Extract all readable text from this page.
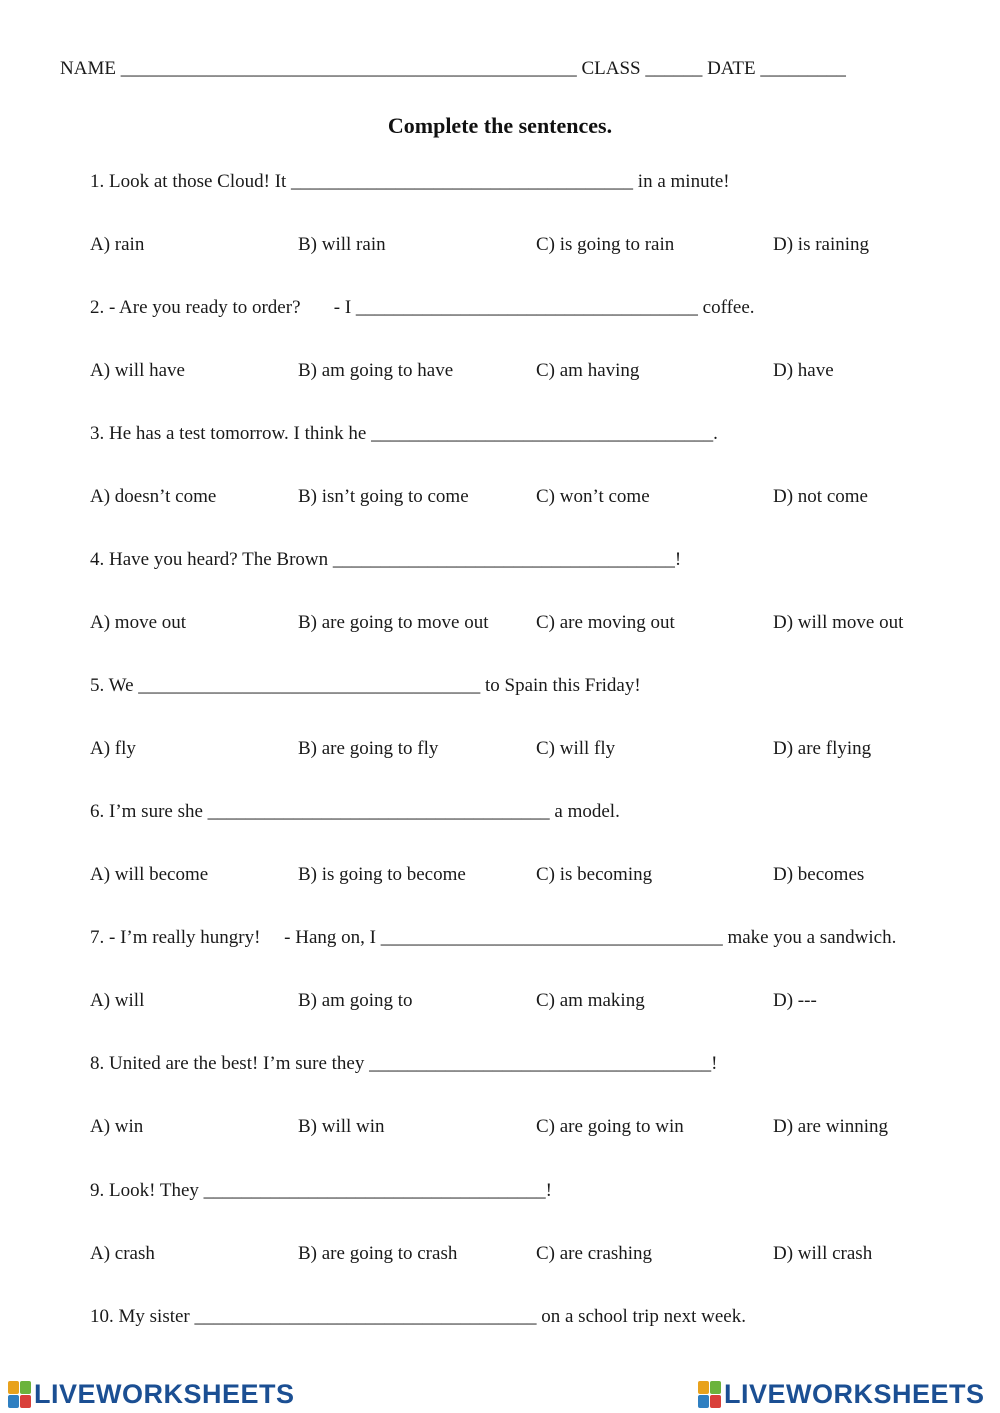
NAME ________________________________________________ CLASS ______ DATE _________
Complete the sentences.
1. Look at those Cloud! It ____________________________________ in a minute!
A) rain	B) will rain	C) is going to rain	D) is raining
2. - Are you ready to order?       - I ____________________________________ coffee.
A) will have	B) am going to have	C) am having	D) have
3. He has a test tomorrow. I think he ____________________________________.
A) doesn’t come	B) isn’t going to come	C) won’t come	D) not come
4. Have you heard? The Brown ____________________________________!
A) move out	B) are going to move out	C) are moving out	D) will move out
5. We ____________________________________ to Spain this Friday!
A) fly	B) are going to fly	C) will fly	D) are flying
6. I’m sure she ____________________________________ a model.
A) will become	B) is going to become	C) is becoming	D) becomes
7. - I’m really hungry!     - Hang on, I ____________________________________ make you a sandwich.
A) will	B) am going to	C) am making	D) ---
8. United are the best! I’m sure they ____________________________________!
A) win	B) will win	C) are going to win	D) are winning
9. Look! They ____________________________________!
A) crash	B) are going to crash	C) are crashing	D) will crash
10. My sister ____________________________________ on a school trip next week.
LIVEWORKSHEETS	LIVEWORKSHEETS
